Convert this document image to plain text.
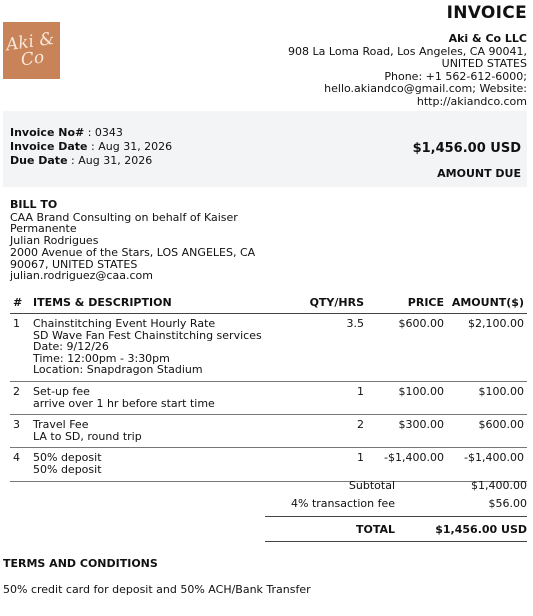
Aki & Co
INVOICE
Aki & Co LLC
908 La Loma Road, Los Angeles, CA 90041, UNITED STATES
Phone: +1 562-612-6000;
hello.akiandco@gmail.com; Website: http://akiandco.com
Invoice No# : 0343
Invoice Date : Aug 31, 2026
Due Date : Aug 31, 2026
$1,456.00 USD
AMOUNT DUE
BILL TO
CAA Brand Consulting on behalf of Kaiser Permanente
Julian Rodrigues
2000 Avenue of the Stars, LOS ANGELES, CA 90067, UNITED STATES
julian.rodriguez@caa.com
#	ITEMS & DESCRIPTION	QTY/HRS	PRICE	AMOUNT($)
1	Chainstitching Event Hourly Rate
SD Wave Fan Fest Chainstitching services
Date: 9/12/26
Time: 12:00pm - 3:30pm
Location: Snapdragon Stadium	3.5	$600.00	$2,100.00
2	Set-up fee
arrive over 1 hr before start time	1	$100.00	$100.00
3	Travel Fee
LA to SD, round trip	2	$300.00	$600.00
4	50% deposit
50% deposit	1	-$1,400.00	-$1,400.00
Subtotal	$1,400.00
4% transaction fee	$56.00
TOTAL	$1,456.00 USD
TERMS AND CONDITIONS
50% credit card for deposit and 50% ACH/Bank Transfer
